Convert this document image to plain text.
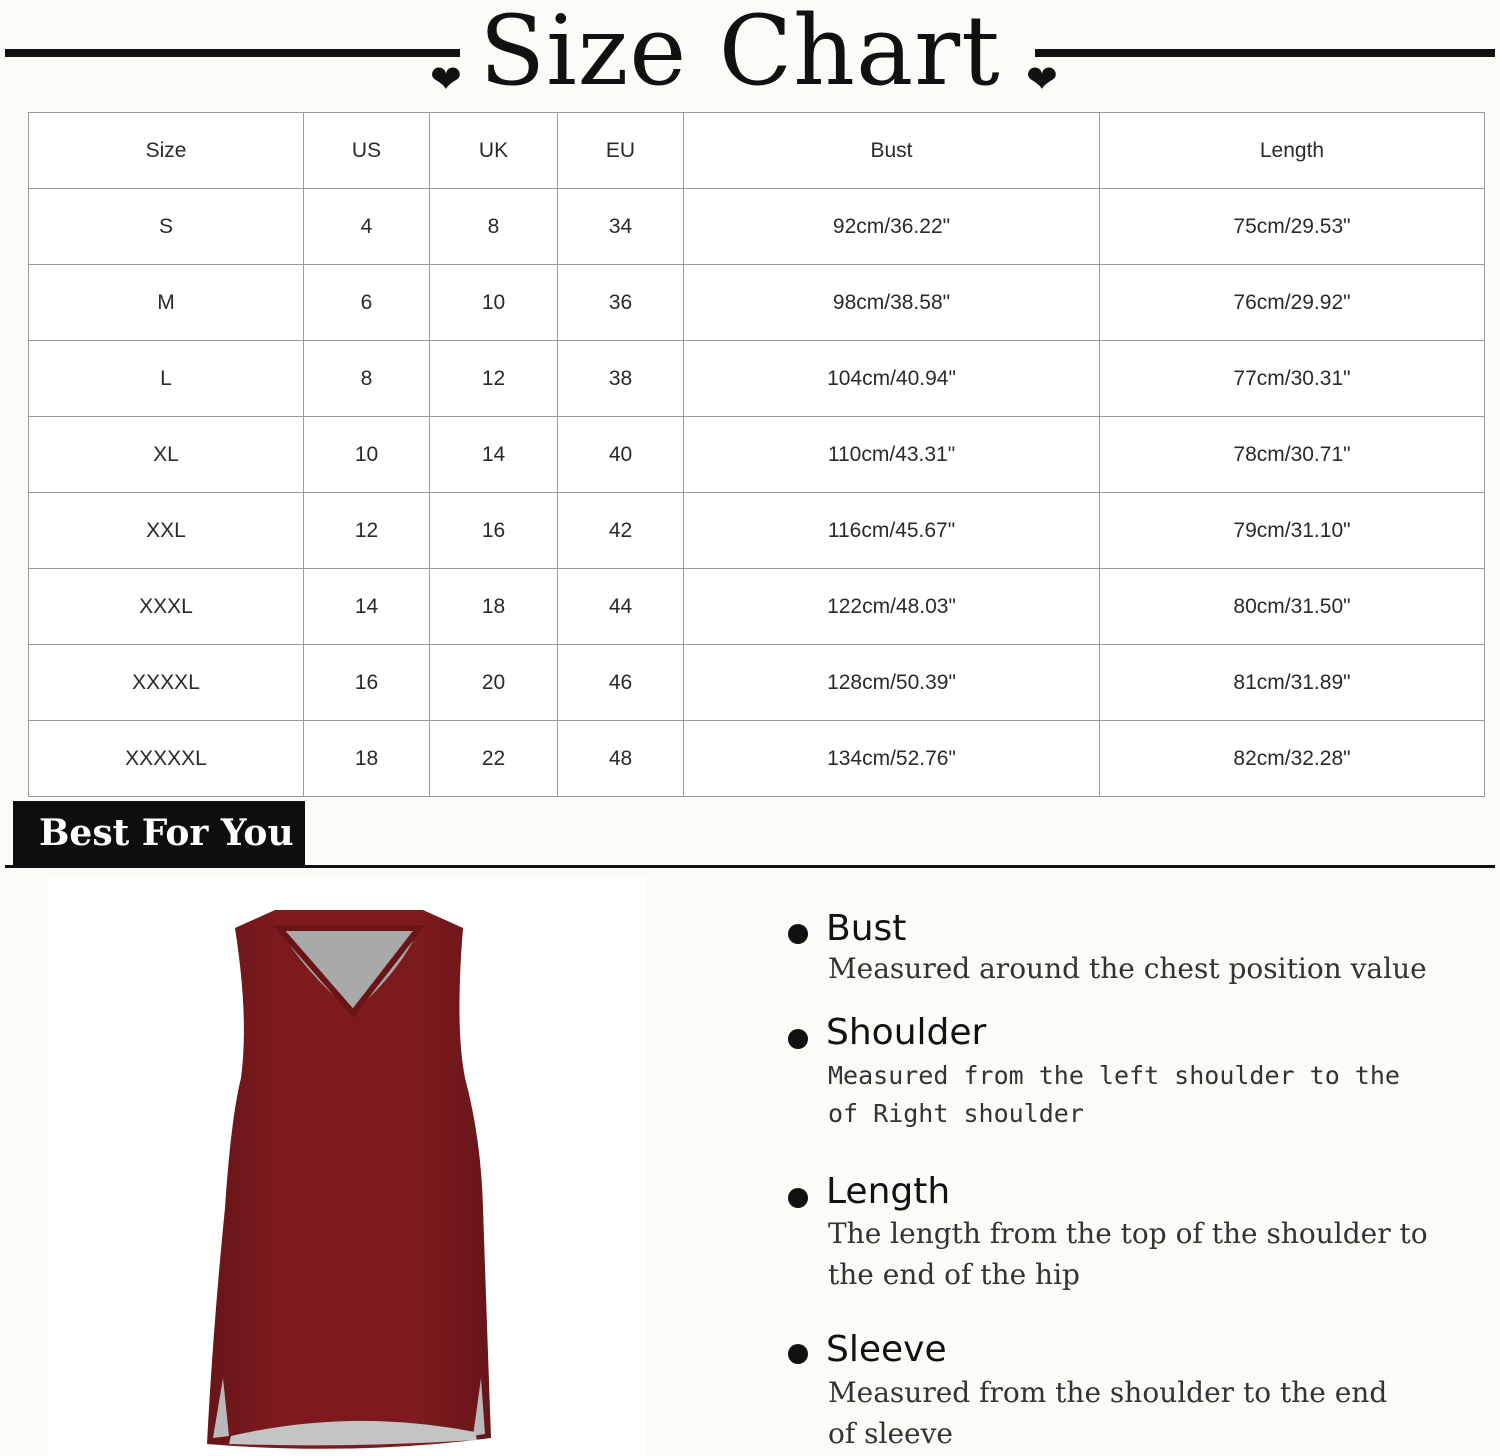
❤ Size Chart ❤
Size	US	UK	EU	Bust	Length
S	4	8	34	92cm/36.22"	75cm/29.53"
M	6	10	36	98cm/38.58"	76cm/29.92"
L	8	12	38	104cm/40.94"	77cm/30.31"
XL	10	14	40	110cm/43.31"	78cm/30.71"
XXL	12	16	42	116cm/45.67"	79cm/31.10"
XXXL	14	18	44	122cm/48.03"	80cm/31.50"
XXXXL	16	20	46	128cm/50.39"	81cm/31.89"
XXXXXL	18	22	48	134cm/52.76"	82cm/32.28"
Best For You
Bust
Measured around the chest position value
Shoulder
Measured from the left shoulder to the
of Right shoulder
Length
The length from the top of the shoulder to
the end of the hip
Sleeve
Measured from the shoulder to the end
of sleeve
